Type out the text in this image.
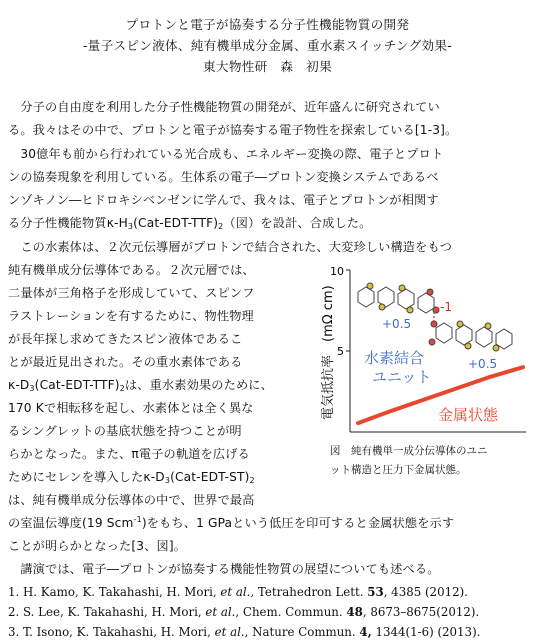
プロトンと電子が協奏する分子性機能物質の開発
-量子スピン液体、純有機単成分金属、重水素スイッチング効果-
東大物性研　森　初果
　分子の自由度を利用した分子性機能物質の開発が、近年盛んに研究されてい
る。我々はその中で、プロトンと電子が協奏する電子物性を探索している[1-3]。
　30億年も前から行われている光合成も、エネルギー変換の際、電子とプロト
ンの協奏現象を利用している。生体系の電子―プロトン変換システムであるベ
ンゾキノン―ヒドロキシベンゼンに学んで、我々は、電子とプロトンが相関す
る分子性機能物質$\kappa-H_3(Cat-EDT-TTF)_2$（図）を設計、合成した。
　この水素体は、２次元伝導層がプロトンで結合された、大変珍しい構造をもつ
純有機単成分伝導体である。２次元層では、
二量体が三角格子を形成していて、スピンフ
ラストレーションを有するために、物性物理
が長年探し求めてきたスピン液体であるこ
とが最近見出された。その重水素体である
$\kappa-D_3(Cat-EDT-TTF)_2$は、重水素効果のために、
170 Kで相転移を起し、水素体とは全く異な
るシングレットの基底状態を持つことが明
らかとなった。また、π電子の軌道を広げる
ためにセレンを導入した$\kappa-D_3(Cat-EDT-ST)_2$
は、純有機単成分伝導体の中で、世界で最高
の室温伝導度(19 Scm$^{-1}$)をもち、1 GPaという低圧を印可すると金属状態を示す
ことが明らかとなった[3、図]。
　講演では、電子―プロトンが協奏する機能性物質の展望についても述べる。
1. H. Kamo, K. Takahashi, H. Mori, et al., Tetrahedron Lett. 53, 4385 (2012).
2. S. Lee, K. Takahashi, H. Mori, et al., Chem. Commun. 48, 8673–8675(2012).
3. T. Isono, K. Takahashi, H. Mori, et al., Nature Commun. 4, 1344(1-6) (2013).
電気抵抗率　(mΩ cm)
10
5
+0.5
-1
+0.5
水素結合
ユニット
金属状態
図　純有機単一成分伝導体のユニ
ット構造と圧力下金属状態。
